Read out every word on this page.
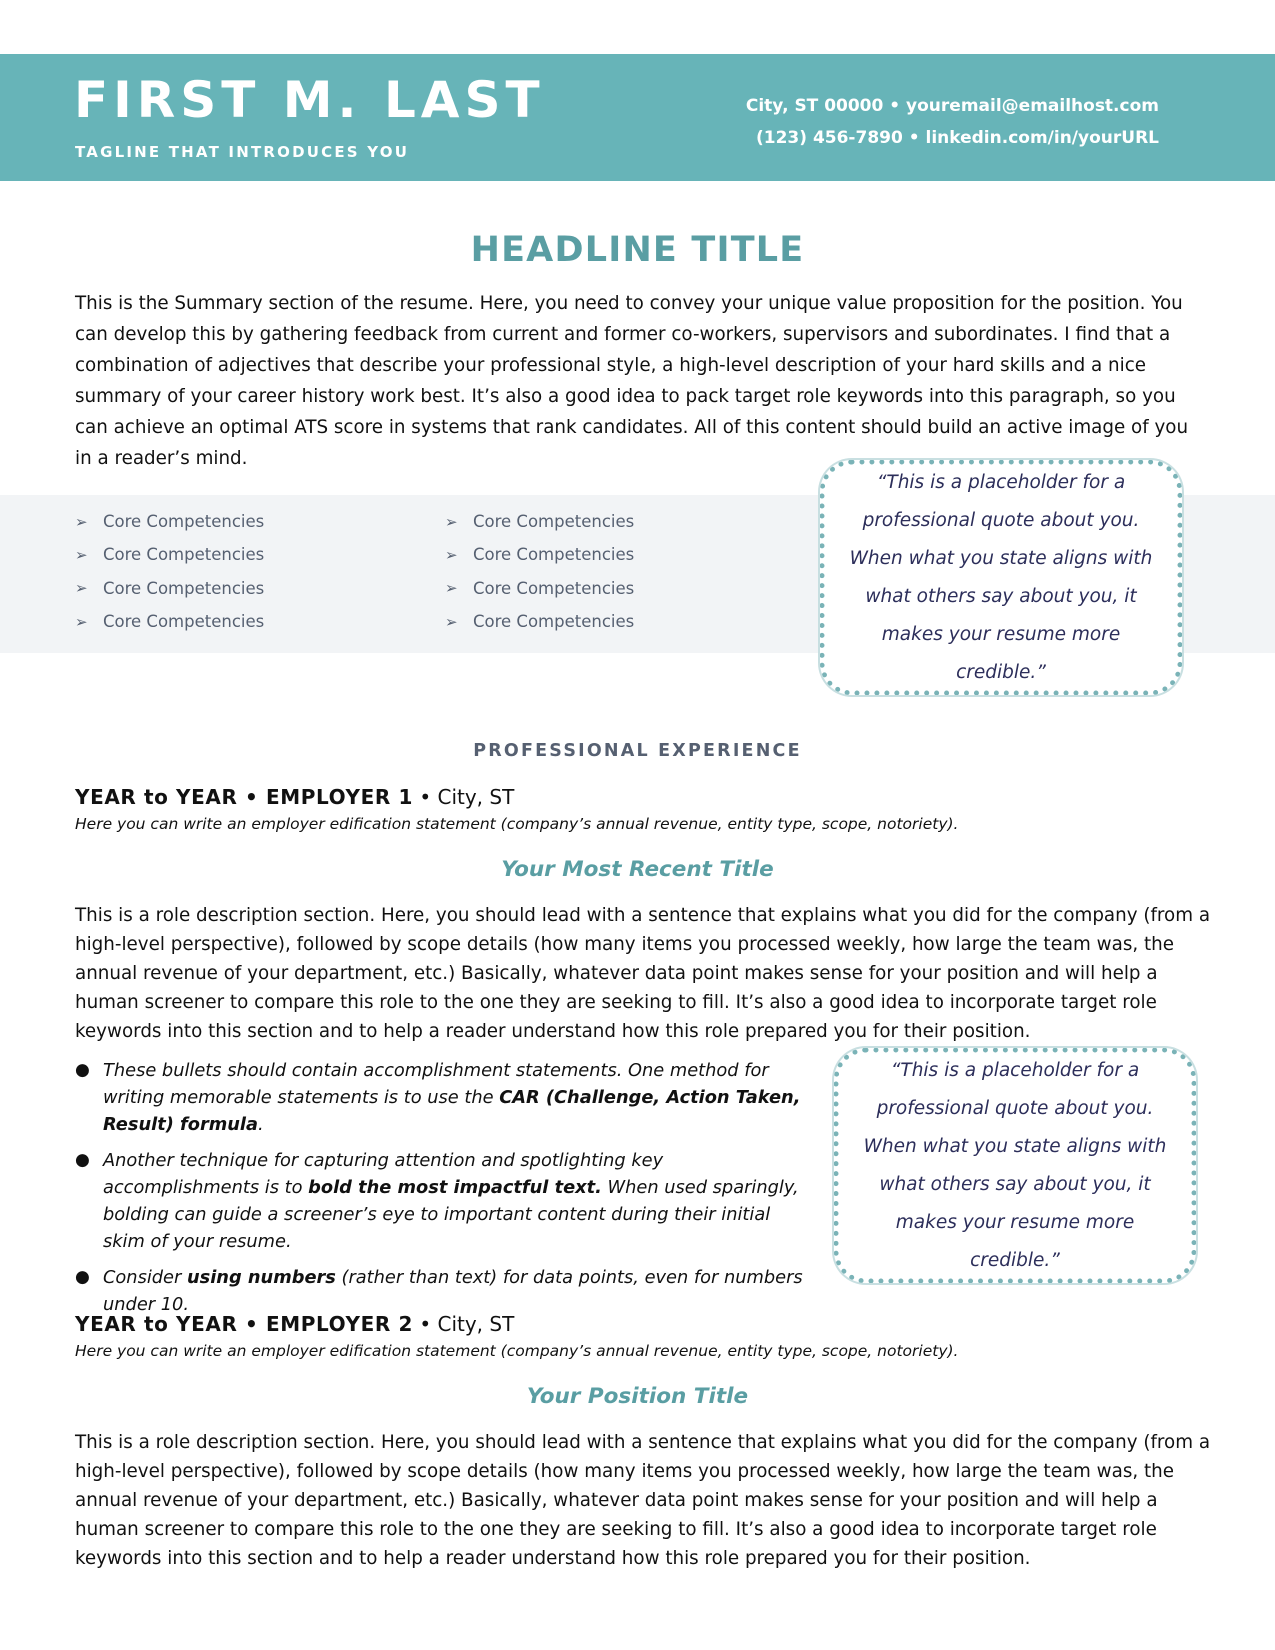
FIRST M. LAST
TAGLINE THAT INTRODUCES YOU
City, ST 00000 • youremail@emailhost.com
(123) 456-7890 • linkedin.com/in/yourURL
HEADLINE TITLE

This is the Summary section of the resume. Here, you need to convey your unique value proposition for the position. You can develop this by gathering feedback from current and former co-workers, supervisors and subordinates. I find that a combination of adjectives that describe your professional style, a high-level description of your hard skills and a nice summary of your career history work best. It’s also a good idea to pack target role keywords into this paragraph, so you can achieve an optimal ATS score in systems that rank candidates. All of this content should build an active image of you in a reader’s mind.

➢ Core Competencies
➢ Core Competencies
➢ Core Competencies
➢ Core Competencies
➢ Core Competencies
➢ Core Competencies
➢ Core Competencies
➢ Core Competencies
“This is a placeholder for a professional quote about you. When what you state aligns with what others say about you, it makes your resume more credible.”
PROFESSIONAL EXPERIENCE
YEAR to YEAR • EMPLOYER 1 • City, ST
Here you can write an employer edification statement (company’s annual revenue, entity type, scope, notoriety).
Your Most Recent Title

This is a role description section. Here, you should lead with a sentence that explains what you did for the company (from a high-level perspective), followed by scope details (how many items you processed weekly, how large the team was, the annual revenue of your department, etc.) Basically, whatever data point makes sense for your position and will help a human screener to compare this role to the one they are seeking to fill. It’s also a good idea to incorporate target role keywords into this section and to help a reader understand how this role prepared you for their position.

● These bullets should contain accomplishment statements. One method for writing memorable statements is to use the CAR (Challenge, Action Taken, Result) formula.
● Another technique for capturing attention and spotlighting key accomplishments is to bold the most impactful text. When used sparingly, bolding can guide a screener’s eye to important content during their initial skim of your resume.
● Consider using numbers (rather than text) for data points, even for numbers under 10.
“This is a placeholder for a professional quote about you. When what you state aligns with what others say about you, it makes your resume more credible.”
YEAR to YEAR • EMPLOYER 2 • City, ST
Here you can write an employer edification statement (company’s annual revenue, entity type, scope, notoriety).
Your Position Title

This is a role description section. Here, you should lead with a sentence that explains what you did for the company (from a high-level perspective), followed by scope details (how many items you processed weekly, how large the team was, the annual revenue of your department, etc.) Basically, whatever data point makes sense for your position and will help a human screener to compare this role to the one they are seeking to fill. It’s also a good idea to incorporate target role keywords into this section and to help a reader understand how this role prepared you for their position.
